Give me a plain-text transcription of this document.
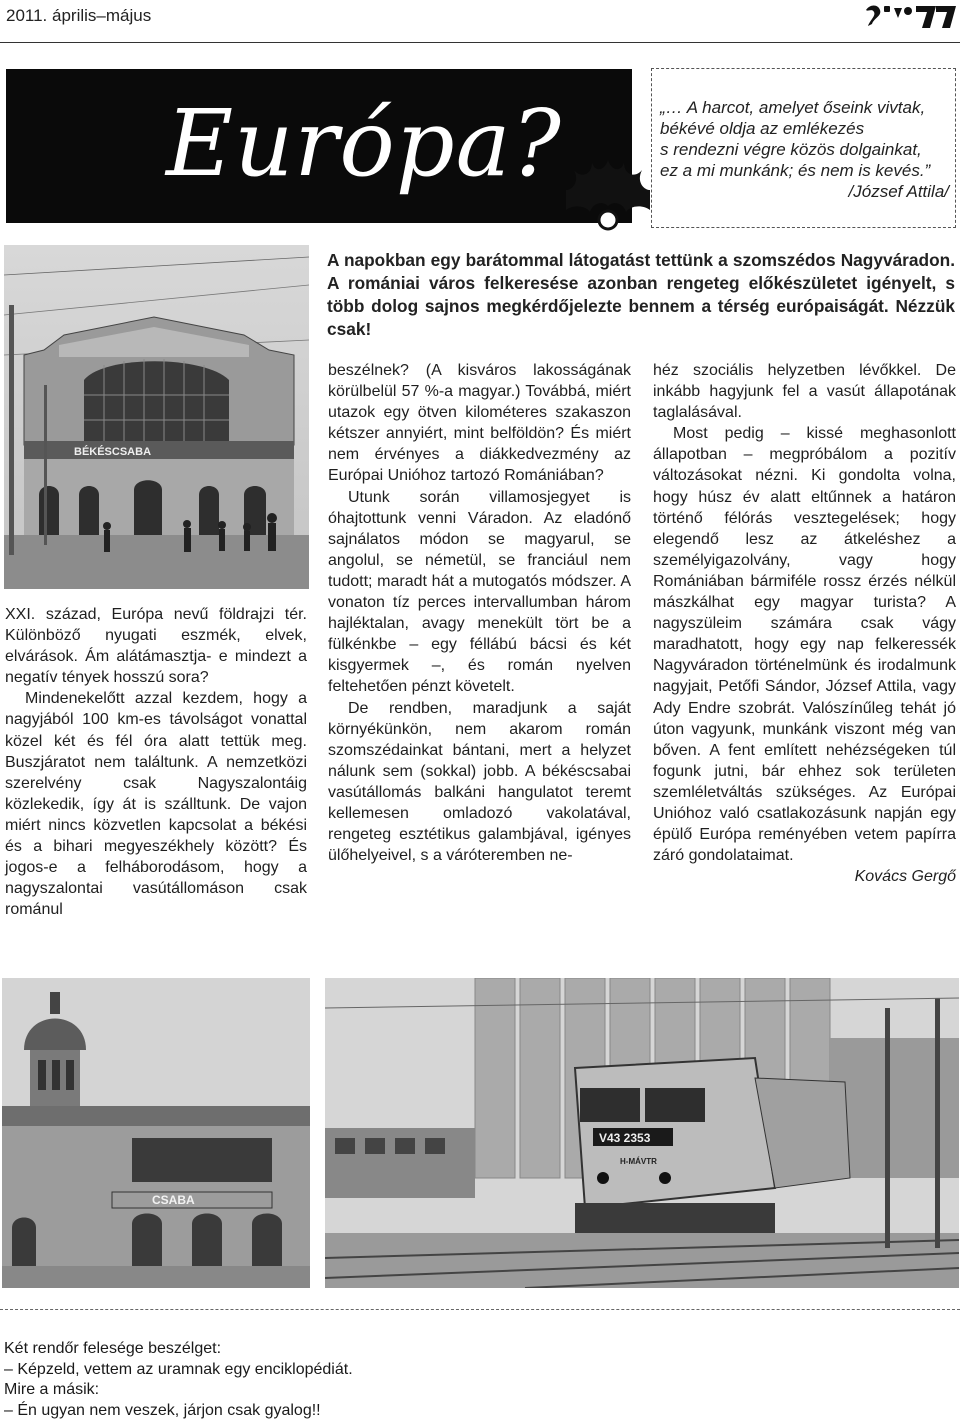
2011. április–május
Európa?	„… A harcot, amelyet őseink vivtak,
békévé oldja az emlékezés
s rendezni végre közös dolgainkat,
ez a mi munkánk; és nem is kevés.”
/József Attila/
BÉKÉSCSABA
A napokban egy barátommal látogatást tettünk a szomszédos Nagyváradon. A romániai város felkeresése azonban rengeteg előkészületet igényelt, s több dolog sajnos megkérdőjelezte bennem a térség európaiságát. Nézzük csak!

XXI. század, Európa nevű földrajzi tér. Különböző nyugati eszmék, elvek, elvárások. Ám alátámasztja- e mindezt a negatív tények hosszú sora?

Mindenekelőtt azzal kezdem, hogy a nagyjából 100 km-es távolságot vonattal közel két és fél óra alatt tettük meg. Buszjáratot nem találtunk. A nemzetközi szerelvény csak Nagyszalontáig közlekedik, így át is szálltunk. De vajon miért nincs közvetlen kapcsolat a békési és a bihari megyeszékhely között? És jogos-e a felháborodásom, hogy a nagyszalontai vasútállomáson csak románul

beszélnek? (A kisváros lakosságának körülbelül 57 %-a magyar.) Továbbá, miért utazok egy ötven kilométeres szakaszon kétszer annyiért, mint belföldön? És miért nem érvényes a diákkedvezmény az Európai Unióhoz tartozó Romániában?

Utunk során villamosjegyet is óhajtottunk venni Váradon. Az eladónő sajnálatos módon se magyarul, se angolul, se németül, se franciául nem tudott; maradt hát a mutogatós módszer. A vonaton tíz perces intervallumban három hajléktalan, avagy menekült tört be a fülkénkbe – egy féllábú bácsi és két kisgyermek –, és román nyelven feltehetően pénzt követelt.

De rendben, maradjunk a saját környékünkön, nem akarom román szomszédainkat bántani, mert a helyzet nálunk sem (sokkal) jobb. A békéscsabai vasútállomás balkáni hangulatot teremt kellemesen omladozó vakolatával, rengeteg esztétikus galambjával, igényes ülőhelyeivel, s a váróteremben ne-

héz szociális helyzetben lévőkkel. De inkább hagyjunk fel a vasút állapotának taglalásával.

Most pedig – kissé meghasonlott állapotban – megpróbálom a pozitív változásokat nézni. Ki gondolta volna, hogy húsz év alatt eltűnnek a határon történő félórás vesztegelések; hogy elegendő lesz az átkeléshez a személyigazolvány, vagy hogy Romániában bármiféle rossz érzés nélkül mászkálhat egy magyar turista? A nagyszüleim számára csak vágy maradhatott, hogy egy nap felkeressék Nagyváradon történelmünk és irodalmunk nagyjait, Petőfi Sándor, József Attila, vagy Ady Endre szobrát. Valószínűleg tehát jó úton vagyunk, munkánk viszont még van bőven. A fent említett nehézségeken túl fogunk jutni, bár ehhez sok területen szemléletváltás szükséges. Az Európai Unióhoz való csatlakozásunk napján egy épülő Európa reményében vetem papírra záró gondolataimat.

Kovács Gergő

CSABA
V43 2353
H-MÁVTR
Két rendőr felesége beszélget:
– Képzeld, vettem az uramnak egy enciklopédiát.
Mire a másik:
– Én ugyan nem veszek, járjon csak gyalog!!
